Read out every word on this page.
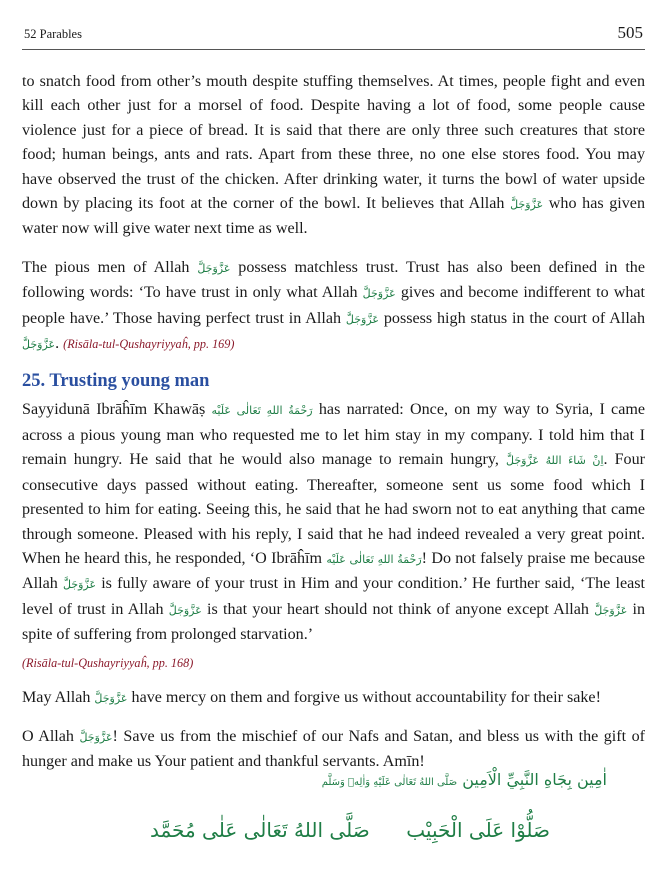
52 Parables	505

to snatch food from other’s mouth despite stuffing themselves. At times, people fight and even kill each other just for a morsel of food. Despite having a lot of food, some people cause violence just for a piece of bread. It is said that there are only three such creatures that store food; human beings, ants and rats. Apart from these three, no one else stores food. You may have observed the trust of the chicken. After drinking water, it turns the bowl of water upside down by placing its foot at the corner of the bowl. It believes that Allah عَزَّوَجَلَّ who has given water now will give water next time as well.

The pious men of Allah عَزَّوَجَلَّ possess matchless trust. Trust has also been defined in the following words: ‘To have trust in only what Allah عَزَّوَجَلَّ gives and become indifferent to what people have.’ Those having perfect trust in Allah عَزَّوَجَلَّ possess high status in the court of Allah عَزَّوَجَلَّ. (Risāla-tul-Qushayriyyaĥ, pp. 169)

25. Trusting young man

Sayyidunā Ibrāĥīm Khawāṣ رَحْمَةُ اللهِ تَعَالٰى عَلَيْه has narrated: Once, on my way to Syria, I came across a pious young man who requested me to let him stay in my company. I told him that I remain hungry. He said that he would also manage to remain hungry, اِنْ شَاءَ اللهُ عَزَّوَجَلَّ. Four consecutive days passed without eating. Thereafter, someone sent us some food which I presented to him for eating. Seeing this, he said that he had sworn not to eat anything that came through someone. Pleased with his reply, I said that he had indeed revealed a very great point. When he heard this, he responded, ‘O Ibrāĥīm رَحْمَةُ اللهِ تَعَالٰى عَلَيْه! Do not falsely praise me because Allah عَزَّوَجَلَّ is fully aware of your trust in Him and your condition.’ He further said, ‘The least level of trust in Allah عَزَّوَجَلَّ is that your heart should not think of anyone except Allah عَزَّوَجَلَّ in spite of suffering from prolonged starvation.’

(Risāla-tul-Qushayriyyaĥ, pp. 168)

May Allah عَزَّوَجَلَّ have mercy on them and forgive us without accountability for their sake!

O Allah عَزَّوَجَلَّ! Save us from the mischief of our Nafs and Satan, and bless us with the gift of hunger and make us Your patient and thankful servants. Amīn!

اٰمِين بِجَاهِ النَّبِيِّ الْاَمِين صَلَّى اللهُ تَعَالٰى عَلَيْهِ وَاٰلِهٖ وَسَلَّم
صَلُّوْا عَلَى الْحَبِيْب
صَلَّى اللهُ تَعَالٰى عَلٰى مُحَمَّد
